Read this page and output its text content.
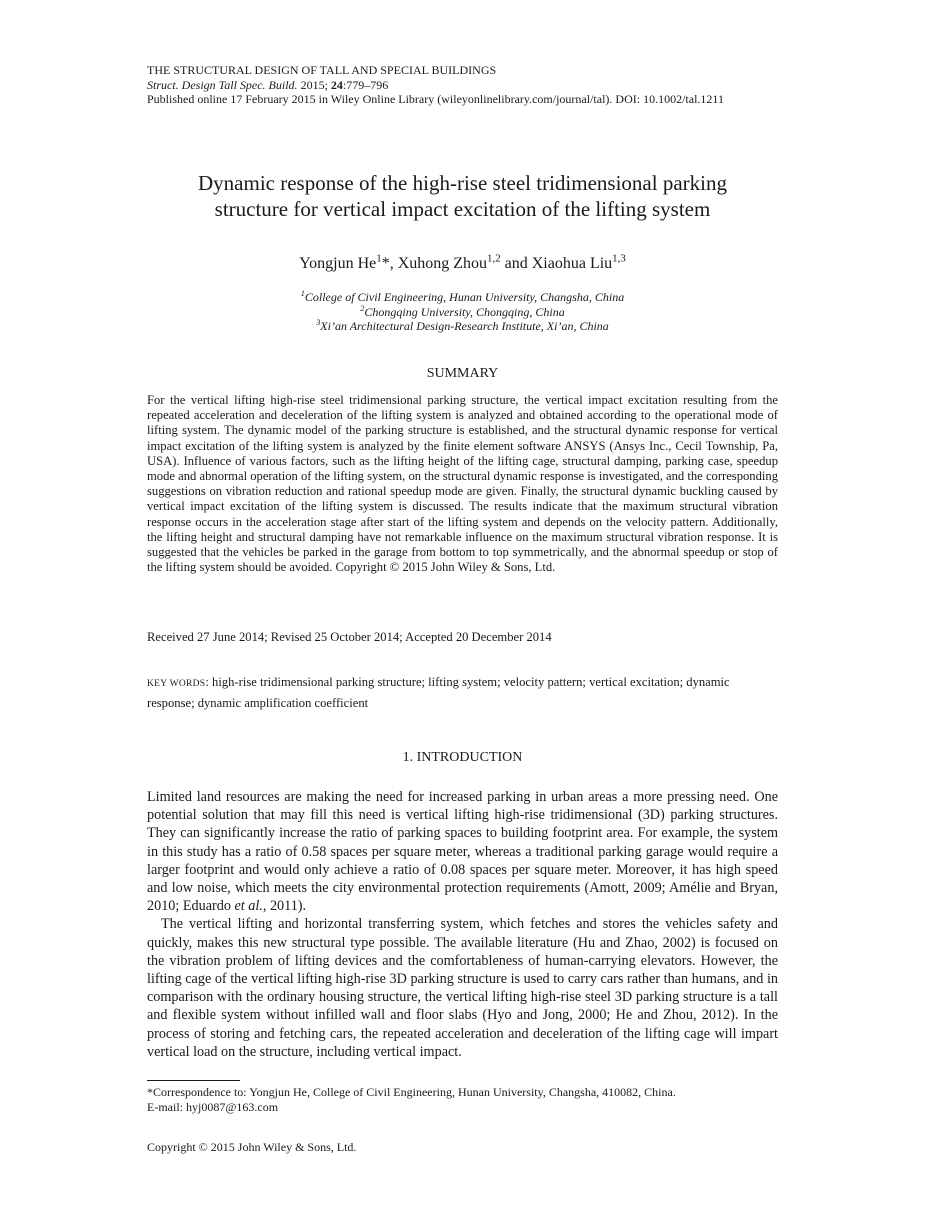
THE STRUCTURAL DESIGN OF TALL AND SPECIAL BUILDINGS
Struct. Design Tall Spec. Build. 2015; 24:779–796
Published online 17 February 2015 in Wiley Online Library (wileyonlinelibrary.com/journal/tal). DOI: 10.1002/tal.1211
Dynamic response of the high-rise steel tridimensional parking
structure for vertical impact excitation of the lifting system
Yongjun He$^1$*, Xuhong Zhou$^{1,2}$ and Xiaohua Liu$^{1,3}$
$^1$College of Civil Engineering, Hunan University, Changsha, China
$^2$Chongqing University, Chongqing, China
$^3$Xi’an Architectural Design-Research Institute, Xi’an, China
SUMMARY
For the vertical lifting high-rise steel tridimensional parking structure, the vertical impact excitation resulting from the repeated acceleration and deceleration of the lifting system is analyzed and obtained according to the operational mode of lifting system. The dynamic model of the parking structure is established, and the structural dynamic response for vertical impact excitation of the lifting system is analyzed by the finite element software ANSYS (Ansys Inc., Cecil Township, Pa, USA). Influence of various factors, such as the lifting height of the lifting cage, structural damping, parking case, speedup mode and abnormal operation of the lifting system, on the structural dynamic response is investigated, and the corresponding suggestions on vibration reduction and rational speedup mode are given. Finally, the structural dynamic buckling caused by vertical impact excitation of the lifting system is discussed. The results indicate that the maximum structural vibration response occurs in the acceleration stage after start of the lifting system and depends on the velocity pattern. Additionally, the lifting height and structural damping have not remarkable influence on the maximum structural vibration response. It is suggested that the vehicles be parked in the garage from bottom to top symmetrically, and the abnormal speedup or stop of the lifting system should be avoided. Copyright © 2015 John Wiley & Sons, Ltd.
Received 27 June 2014; Revised 25 October 2014; Accepted 20 December 2014
KEY WORDS: high-rise tridimensional parking structure; lifting system; velocity pattern; vertical excitation; dynamic response; dynamic amplification coefficient
1. INTRODUCTION

Limited land resources are making the need for increased parking in urban areas a more pressing need. One potential solution that may fill this need is vertical lifting high-rise tridimensional (3D) parking structures. They can significantly increase the ratio of parking spaces to building footprint area. For example, the system in this study has a ratio of 0.58 spaces per square meter, whereas a traditional parking garage would require a larger footprint and would only achieve a ratio of 0.08 spaces per square meter. Moreover, it has high speed and low noise, which meets the city environmental protection requirements (Amott, 2009; Amélie and Bryan, 2010; Eduardo et al., 2011).

The vertical lifting and horizontal transferring system, which fetches and stores the vehicles safety and quickly, makes this new structural type possible. The available literature (Hu and Zhao, 2002) is focused on the vibration problem of lifting devices and the comfortableness of human-carrying elevators. However, the lifting cage of the vertical lifting high-rise 3D parking structure is used to carry cars rather than humans, and in comparison with the ordinary housing structure, the vertical lifting high-rise steel 3D parking structure is a tall and flexible system without infilled wall and floor slabs (Hyo and Jong, 2000; He and Zhou, 2012). In the process of storing and fetching cars, the repeated acceleration and deceleration of the lifting cage will impart vertical load on the structure, including vertical impact.

*Correspondence to: Yongjun He, College of Civil Engineering, Hunan University, Changsha, 410082, China.
E-mail: hyj0087@163.com
Copyright © 2015 John Wiley & Sons, Ltd.
